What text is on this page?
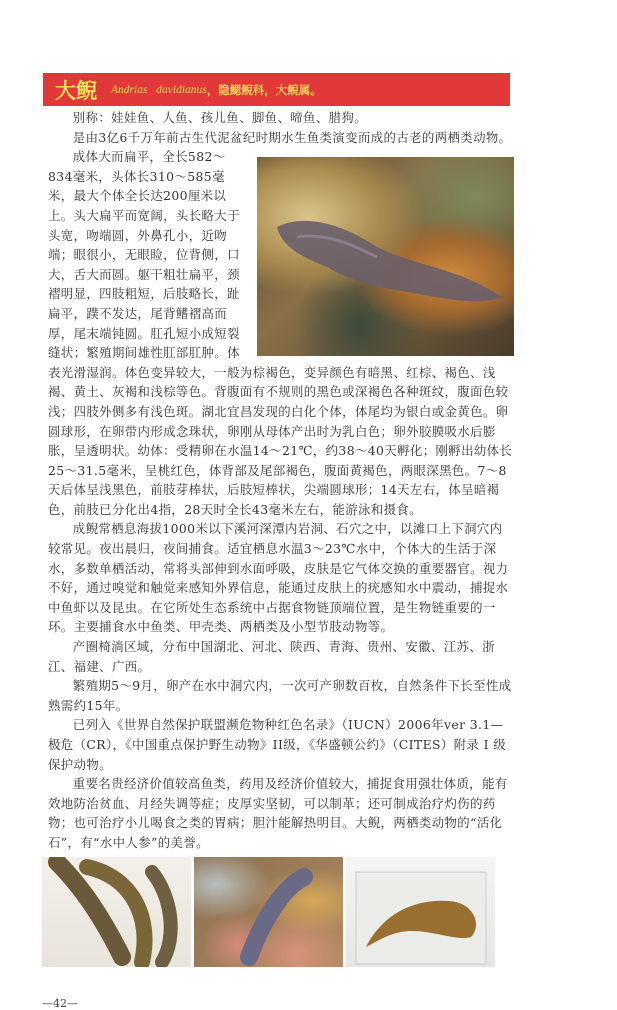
大鲵 Andrias davidianus ，隐鳃鲵科，大鲵属。

别称：娃娃鱼、人鱼、孩儿鱼、脚鱼、啼鱼、腊狗。

是由3亿6千万年前古生代泥盆纪时期水生鱼类演变而成的古老的两栖类动物。

成体大而扁平，全长582～834毫米，头体长310～585毫米，最大个体全长达200厘米以上。头大扁平而宽阔，头长略大于头宽，吻端圆，外鼻孔小，近吻端；眼很小，无眼睑，位背侧，口大，舌大而圆。躯干粗壮扁平，颈褶明显，四肢粗短，后肢略长，趾扁平，蹼不发达，尾背鳍褶高而厚，尾末端钝圆。肛孔短小成短裂缝状；繁殖期间雄性肛部肛肿。体表光滑湿润。体色变异较大，一般为棕褐色，变异颜色有暗黑、红棕、褐色、浅褐、黄土、灰褐和浅棕等色。背腹面有不规则的黑色或深褐色各种斑纹，腹面色较浅；四肢外侧多有浅色斑。湖北宜昌发现的白化个体，体尾均为银白或金黄色。卵圆球形，在卵带内形成念珠状，卵刚从母体产出时为乳白色；卵外胶膜吸水后膨胀，呈透明状。幼体：受精卵在水温14～21℃，约38～40天孵化；刚孵出幼体长25～31.5毫米，呈桃红色，体背部及尾部褐色，腹面黄褐色，两眼深黑色。7～8天后体呈浅黑色，前肢芽棒状，后肢短棒状，尖端圆球形；14天左右，体呈暗褐色，前肢已分化出4指，28天时全长43毫米左右，能游泳和摄食。

成鲵常栖息海拔1000米以下溪河深潭内岩洞、石穴之中，以滩口上下洞穴内较常见。夜出晨归，夜间捕食。适宜栖息水温3～23℃水中，个体大的生活于深水，多数单栖活动，常将头部伸到水面呼吸，皮肤是它气体交换的重要器官。视力不好，通过嗅觉和触觉来感知外界信息，能通过皮肤上的疣感知水中震动，捕捉水中鱼虾以及昆虫。在它所处生态系统中占据食物链顶端位置，是生物链重要的一环。主要捕食水中鱼类、甲壳类、两栖类及小型节肢动物等。

产圈椅淌区域，分布中国湖北、河北、陕西、青海、贵州、安徽、江苏、浙江、福建、广西。

繁殖期5～9月，卵产在水中洞穴内，一次可产卵数百枚，自然条件下长至性成熟需约15年。

已列入《世界自然保护联盟濒危物种红色名录》（IUCN）2006年ver 3.1—极危（CR），《中国重点保护野生动物》II级，《华盛顿公约》（CITES）附录 I 级保护动物。

重要名贵经济价值较高鱼类，药用及经济价值较大，捕捉食用强壮体质，能有效地防治贫血、月经失调等症；皮厚实坚韧，可以制革；还可制成治疗灼伤的药物；也可治疗小儿喝食之类的胃病；胆汁能解热明目。大鲵，两栖类动物的“活化石”，有“水中人参”的美誉。

—42—
